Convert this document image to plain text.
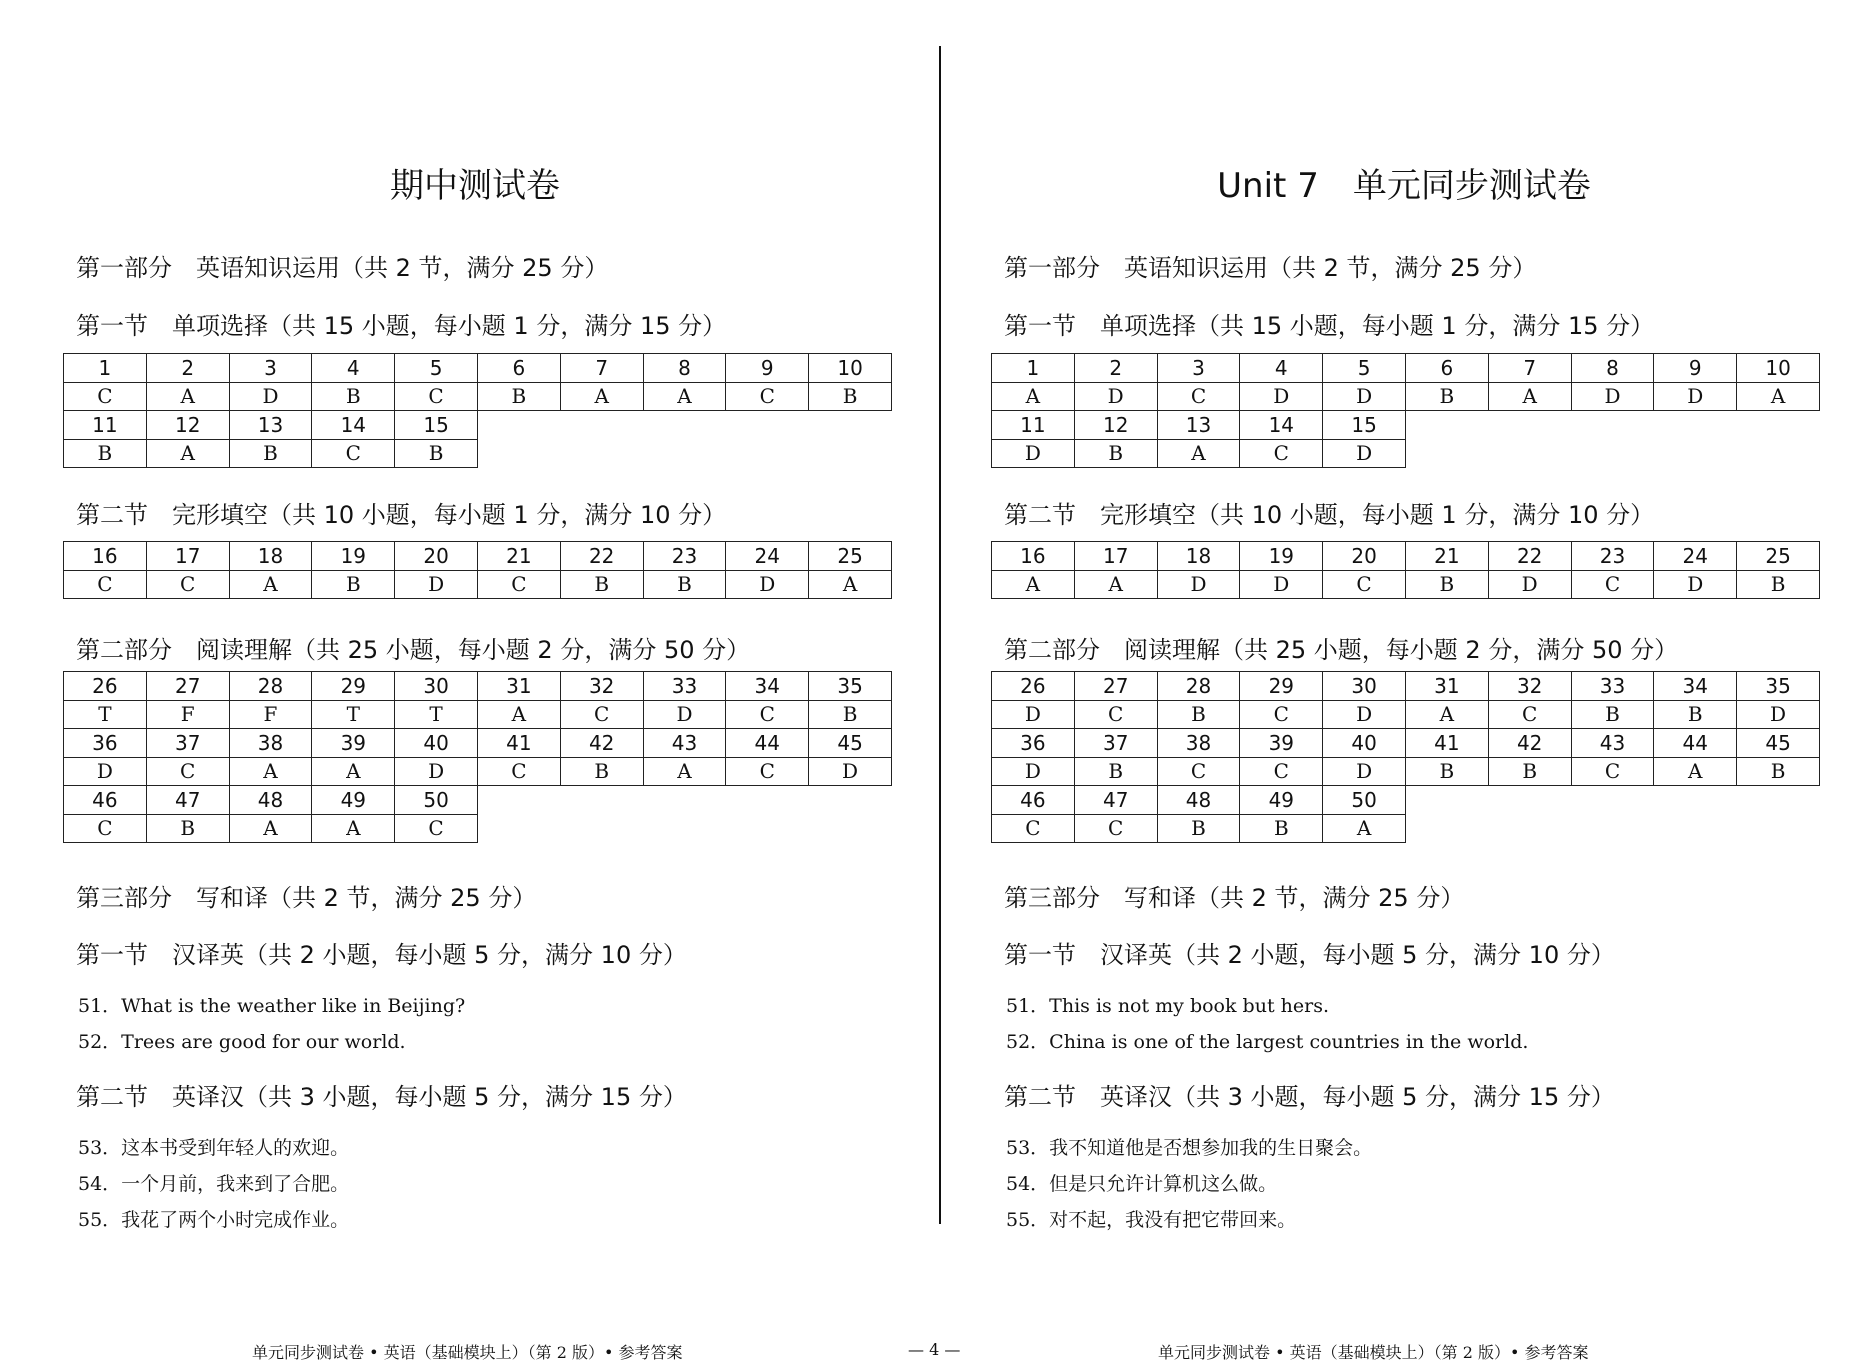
期中测试卷
第一部分　英语知识运用（共 2 节，满分 25 分）
第一节　单项选择（共 15 小题，每小题 1 分，满分 15 分）
1	2	3	4	5	6	7	8	9	10
C	A	D	B	C	B	A	A	C	B
11	12	13	14	15					
B	A	B	C	B					
第二节　完形填空（共 10 小题，每小题 1 分，满分 10 分）
16	17	18	19	20	21	22	23	24	25
C	C	A	B	D	C	B	B	D	A
第二部分　阅读理解（共 25 小题，每小题 2 分，满分 50 分）
26	27	28	29	30	31	32	33	34	35
T	F	F	T	T	A	C	D	C	B
36	37	38	39	40	41	42	43	44	45
D	C	A	A	D	C	B	A	C	D
46	47	48	49	50					
C	B	A	A	C					
第三部分　写和译（共 2 节，满分 25 分）
第一节　汉译英（共 2 小题，每小题 5 分，满分 10 分）
51．What is the weather like in Beijing?
52．Trees are good for our world.
第二节　英译汉（共 3 小题，每小题 5 分，满分 15 分）
53．这本书受到年轻人的欢迎。
54．一个月前，我来到了合肥。
55．我花了两个小时完成作业。
Unit 7　单元同步测试卷
第一部分　英语知识运用（共 2 节，满分 25 分）
第一节　单项选择（共 15 小题，每小题 1 分，满分 15 分）
1	2	3	4	5	6	7	8	9	10
A	D	C	D	D	B	A	D	D	A
11	12	13	14	15					
D	B	A	C	D					
第二节　完形填空（共 10 小题，每小题 1 分，满分 10 分）
16	17	18	19	20	21	22	23	24	25
A	A	D	D	C	B	D	C	D	B
第二部分　阅读理解（共 25 小题，每小题 2 分，满分 50 分）
26	27	28	29	30	31	32	33	34	35
D	C	B	C	D	A	C	B	B	D
36	37	38	39	40	41	42	43	44	45
D	B	C	C	D	B	B	C	A	B
46	47	48	49	50					
C	C	B	B	A					
第三部分　写和译（共 2 节，满分 25 分）
第一节　汉译英（共 2 小题，每小题 5 分，满分 10 分）
51．This is not my book but hers.
52．China is one of the largest countries in the world.
第二节　英译汉（共 3 小题，每小题 5 分，满分 15 分）
53．我不知道他是否想参加我的生日聚会。
54．但是只允许计算机这么做。
55．对不起，我没有把它带回来。
单元同步测试卷 • 英语（基础模块上）（第 2 版）• 参考答案	— 4 —	单元同步测试卷 • 英语（基础模块上）（第 2 版）• 参考答案
